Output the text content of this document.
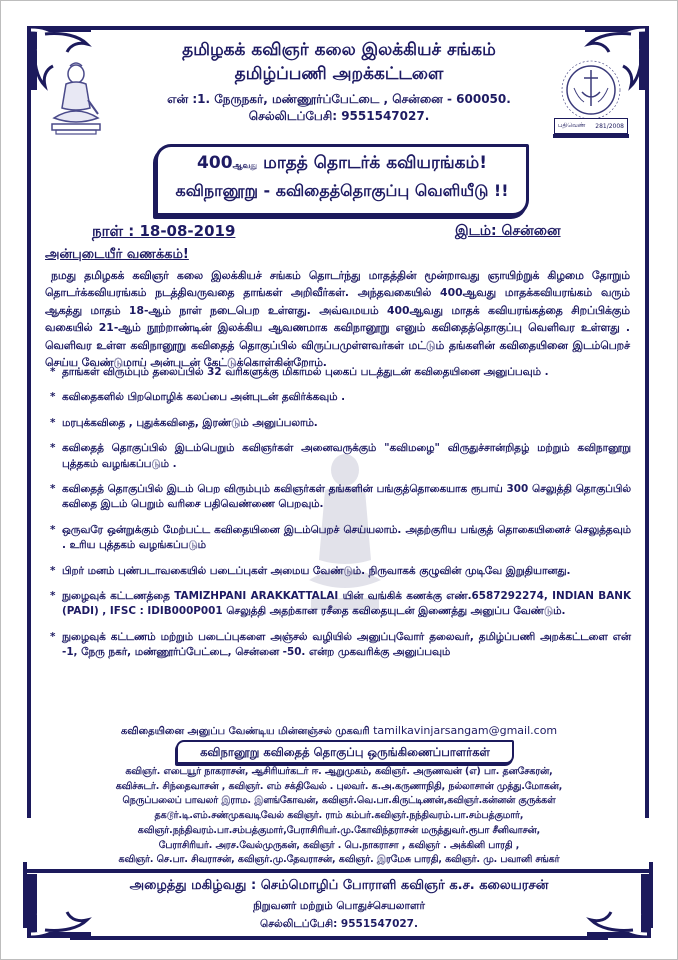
பதிவெண் 281/2008
தமிழகக் கவிஞர் கலை இலக்கியச் சங்கம்
தமிழ்ப்பணி அறக்கட்டளை
என் :1. நேருநகர், மண்ணூர்ப்பேட்டை , சென்னை - 600050.
செல்லிடப்பேசி: 9551547027.
400ஆவது மாதத் தொடர்க் கவியரங்கம்!
கவிநானூறு - கவிதைத்தொகுப்பு வெளியீடு !!
நாள் : 18-08-2019	இடம்: சென்னை
அன்புடையீர் வணக்கம்!
நமது தமிழகக் கவிஞர் கலை இலக்கியச் சங்கம் தொடர்ந்து மாதத்தின் மூன்றாவது ஞாயிற்றுக் கிழமை தோறும் தொடர்க்கவியரங்கம் நடத்திவருவதை தாங்கள் அறிவீர்கள். அந்தவகையில் 400ஆவது மாதக்கவியரங்கம் வரும் ஆகத்து மாதம் 18-ஆம் நாள் நடைபெற உள்ளது. அவ்வமயம் 400ஆவது மாதக் கவியரங்கத்தை சிறப்பிக்கும் வகையில் 21-ஆம் நூற்றாண்டின் இலக்கிய ஆவணமாக கவிநானூறு எனும் கவிதைத்தொகுப்பு வெளிவர உள்ளது . வெளிவர உள்ள கவிநானூறு கவிதைத் தொகுப்பில் விருப்பமுள்ளவர்கள் மட்டும் தங்களின் கவிதையினை இடம்பெறச் செய்ய வேண்டுமாய் அன்புடன் கேட்டுக்கொள்கின்றோம்.
* தாங்கள் விரும்பும் தலைப்பில் 32 வரிகளுக்கு மிகாமல் புகைப் படத்துடன் கவிதையினை அனுப்பவும் .
* கவிதைகளில் பிறமொழிக் கலப்பை அன்புடன் தவிர்க்கவும் .
* மரபுக்கவிதை , புதுக்கவிதை, இரண்டும் அனுப்பலாம்.
* கவிதைத் தொகுப்பில் இடம்பெறும் கவிஞர்கள் அனைவருக்கும் "கவிமழை" விருதுச்சான்றிதழ் மற்றும் கவிநானூறு புத்தகம் வழங்கப்படும் .
* கவிதைத் தொகுப்பில் இடம் பெற விரும்பும் கவிஞர்கள் தங்களின் பங்குத்தொகையாக ரூபாய் 300 செலுத்தி தொகுப்பில் கவிதை இடம் பெறும் வரிசை பதிவெண்ணை பெறவும்.
* ஒருவரே ஒன்றுக்கும் மேற்பட்ட கவிதையினை இடம்பெறச் செய்யலாம். அதற்குரிய பங்குத் தொகையினைச் செலுத்தவும் . உரிய புத்தகம் வழங்கப்படும்
* பிறர் மனம் புண்படாவகையில் படைப்புகள் அமைய வேண்டும். நிருவாகக் குழுவின் முடிவே இறுதியானது.
* நுழைவுக் கட்டணத்தை TAMIZHPANI ARAKKATTALAI யின் வங்கிக் கணக்கு எண்.6587292274, INDIAN BANK (PADI) , IFSC : IDIB000P001 செலுத்தி அதற்கான ரசீதை கவிதையுடன் இணைத்து அனுப்ப வேண்டும்.
* நுழைவுக் கட்டணம் மற்றும் படைப்புகளை அஞ்சல் வழியில் அனுப்புவோர் தலைவர், தமிழ்ப்பணி அறக்கட்டளை என் -1, நேரு நகர், மண்ணூர்ப்பேட்டை, சென்னை -50. என்ற முகவரிக்கு அனுப்பவும்
கவிதையினை அனுப்ப வேண்டிய மின்னஞ்சல் முகவரி tamilkavinjarsangam@gmail.com
கவிநானூறு கவிதைத் தொகுப்பு ஒருங்கிணைப்பாளர்கள்
கவிஞர். எடையூர் நாகராசன், ஆசிரியர்கடர் ஈ. ஆறுமுகம், கவிஞர். அருணவன் (எ) பா. தனசேகரன்,
கவிச்சுடர். சிந்தைவாசன் , கவிஞர். எம் சக்திவேல் . புலவர். க.அ.கருணாநிதி, நல்லாசான் முத்து.மோகன்,
நெருப்பலைப் பாவலர் இராம. இளங்கோவன், கவிஞர்.வெ.பா.கிருட்டிணன்,கவிஞர்.கன்னன் குருக்கள்
தகடூர்.டி.எம்.சண்முகவடிவேல் கவிஞர். ராம் கம்பர்.கவிஞர்.நந்திவரம்.பா.சம்பத்குமார்,
கவிஞர்.நந்திவரம்.பா.சம்பத்குமார்,பேராசிரியர்.மு.கோவிந்தராசன் மருத்துவர்.ரூபா சீனிவாசன்,
பேராசிரியர். அரச.வேல்முருகன், கவிஞர் . பெ.நாகராசா , கவிஞர் . அக்கினி பாரதி ,
கவிஞர். செ.பா. சிவராசன், கவிஞர்.மு.தேவராசன், கவிஞர். இரமேசு பாரதி, கவிஞர். மு. பவானி சங்கர்
அழைத்து மகிழ்வது : செம்மொழிப் போராளி கவிஞர் க.ச. கலையரசன்
நிறுவனர் மற்றும் பொதுச்செயலாளர்
செல்லிடப்பேசி: 9551547027.
